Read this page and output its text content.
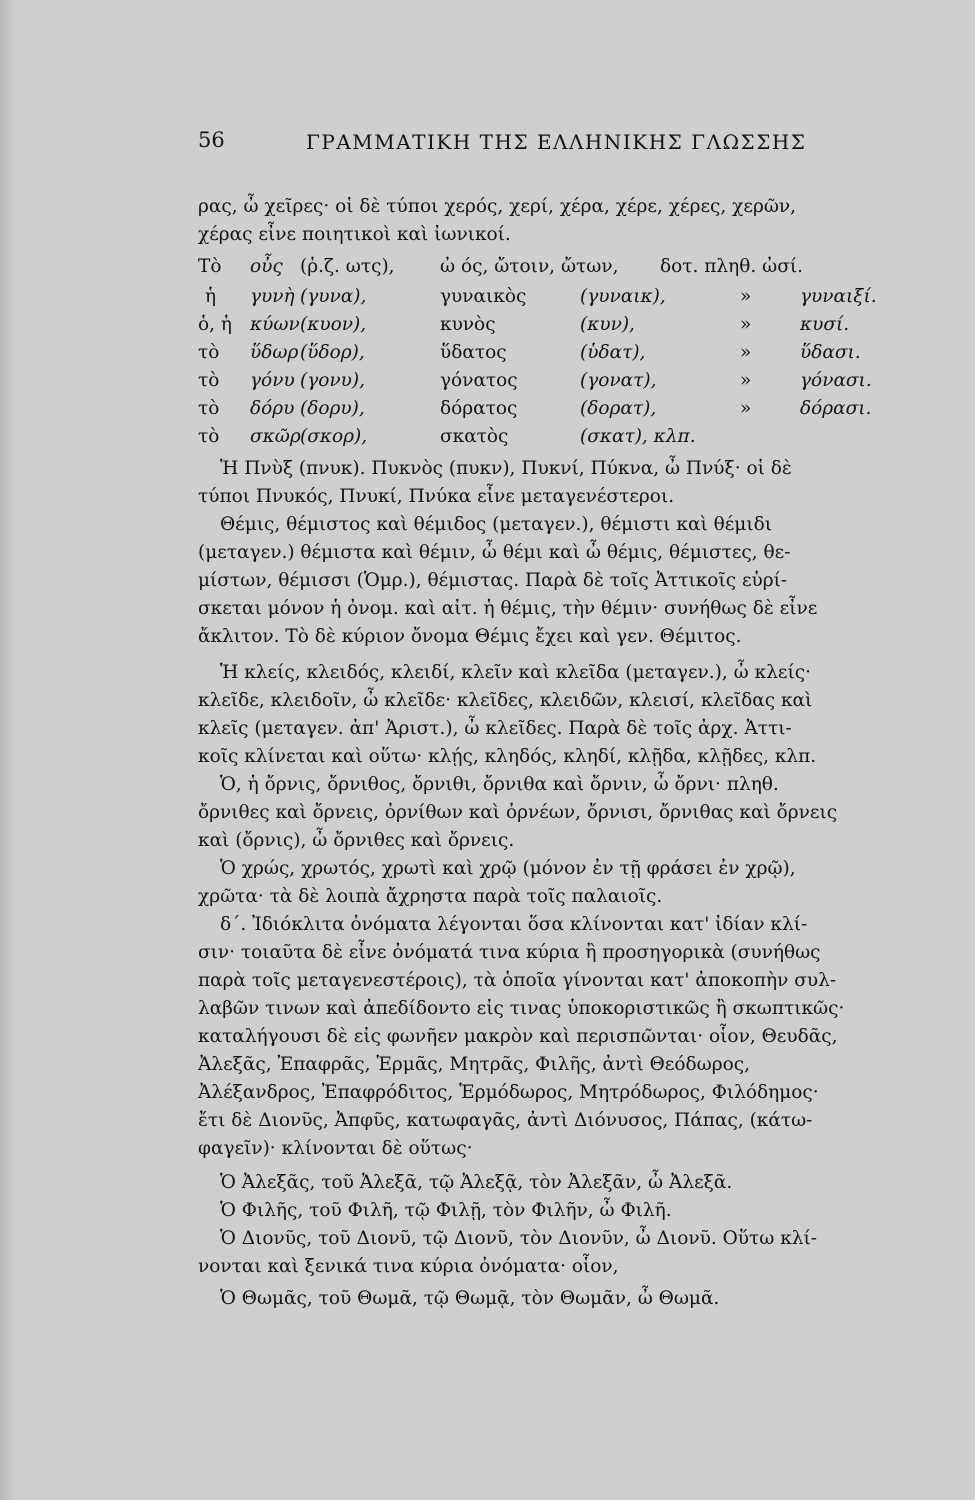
56	ΓΡΑΜΜΑΤΙΚΗ ΤΗΣ ΕΛΛΗΝΙΚΗΣ ΓΛΩΣΣΗΣ
ρας, ὦ χεῖρες· οἱ δὲ τύποι χερός, χερί, χέρα, χέρε, χέρες, χερῶν,
χέρας εἶνε ποιητικοὶ καὶ ἰωνικοί.
Τὸ οὖς (ῥ.ζ. ωτς), ὠ ός, ὤτοιν, ὤτων, δοτ. πληθ. ὠσί.
ἡ γυνὴ (γυνα),	γυναικὸς	(γυναικ),	»	γυναιξί.
ὁ, ἡ κύων (κυον),	κυνὸς	(κυν),	»	κυσί.
τὸ ὕδωρ (ὕδορ),	ὕδατος	(ὑδατ),	»	ὕδασι.
τὸ γόνυ (γονυ),	γόνατος	(γονατ),	»	γόνασι.
τὸ δόρυ (δορυ),	δόρατος	(δορατ),	»	δόρασι.
τὸ σκῶρ (σκορ),	σκατὸς	(σκατ), κλπ.
Ἡ Πνὺξ (πνυκ). Πυκνὸς (πυκν), Πυκνί, Πύκνα, ὦ Πνύξ· οἱ δὲ
τύποι Πνυκός, Πνυκί, Πνύκα εἶνε μεταγενέστεροι.
Θέμις, θέμιστος καὶ θέμιδος (μεταγεν.), θέμιστι καὶ θέμιδι
(μεταγεν.) θέμιστα καὶ θέμιν, ὦ θέμι καὶ ὦ θέμις, θέμιστες, θε-
μίστων, θέμισσι (Ὁμρ.), θέμιστας. Παρὰ δὲ τοῖς Ἀττικοῖς εὑρί-
σκεται μόνον ἡ ὀνομ. καὶ αἰτ. ἡ θέμις, τὴν θέμιν· συνήθως δὲ εἶνε
ἄκλιτον. Τὸ δὲ κύριον ὄνομα Θέμις ἔχει καὶ γεν. Θέμιτος.
Ἡ κλείς, κλειδός, κλειδί, κλεῖν καὶ κλεῖδα (μεταγεν.), ὦ κλείς·
κλεῖδε, κλειδοῖν, ὦ κλεῖδε· κλεῖδες, κλειδῶν, κλεισί, κλεῖδας καὶ
κλεῖς (μεταγεν. ἀπ' Ἀριστ.), ὦ κλεῖδες. Παρὰ δὲ τοῖς ἀρχ. Ἀττι-
κοῖς κλίνεται καὶ οὕτω· κλῄς, κληδός, κληδί, κλῇδα, κλῇδες, κλπ.
Ὁ, ἡ ὄρνις, ὄρνιθος, ὄρνιθι, ὄρνιθα καὶ ὄρνιν, ὦ ὄρνι· πληθ.
ὄρνιθες καὶ ὄρνεις, ὀρνίθων καὶ ὀρνέων, ὄρνισι, ὄρνιθας καὶ ὄρνεις
καὶ (ὄρνις), ὦ ὄρνιθες καὶ ὄρνεις.
Ὁ χρώς, χρωτός, χρωτὶ καὶ χρῷ (μόνον ἐν τῇ φράσει ἐν χρῷ),
χρῶτα· τὰ δὲ λοιπὰ ἄχρηστα παρὰ τοῖς παλαιοῖς.
δ΄. Ἰδιόκλιτα ὀνόματα λέγονται ὅσα κλίνονται κατ' ἰδίαν κλί-
σιν· τοιαῦτα δὲ εἶνε ὀνόματά τινα κύρια ἢ προσηγορικὰ (συνήθως
παρὰ τοῖς μεταγενεστέροις), τὰ ὁποῖα γίνονται κατ' ἀποκοπὴν συλ-
λαβῶν τινων καὶ ἀπεδίδοντο εἰς τινας ὑποκοριστικῶς ἢ σκωπτικῶς·
καταλήγουσι δὲ εἰς φωνῆεν μακρὸν καὶ περισπῶνται· οἷον, Θευδᾶς,
Ἀλεξᾶς, Ἐπαφρᾶς, Ἑρμᾶς, Μητρᾶς, Φιλῆς, ἀντὶ Θεόδωρος,
Ἀλέξανδρος, Ἐπαφρόδιτος, Ἑρμόδωρος, Μητρόδωρος, Φιλόδημος·
ἔτι δὲ Διονῦς, Ἀπφῦς, κατωφαγᾶς, ἀντὶ Διόνυσος, Πάπας, (κάτω-
φαγεῖν)· κλίνονται δὲ οὕτως·
Ὁ Ἀλεξᾶς, τοῦ Ἀλεξᾶ, τῷ Ἀλεξᾷ, τὸν Ἀλεξᾶν, ὦ Ἀλεξᾶ.
Ὁ Φιλῆς, τοῦ Φιλῆ, τῷ Φιλῇ, τὸν Φιλῆν, ὦ Φιλῆ.
Ὁ Διονῦς, τοῦ Διονῦ, τῷ Διονῦ, τὸν Διονῦν, ὦ Διονῦ. Οὕτω κλί-
νονται καὶ ξενικά τινα κύρια ὀνόματα· οἷον,
Ὁ Θωμᾶς, τοῦ Θωμᾶ, τῷ Θωμᾷ, τὸν Θωμᾶν, ὦ Θωμᾶ.
